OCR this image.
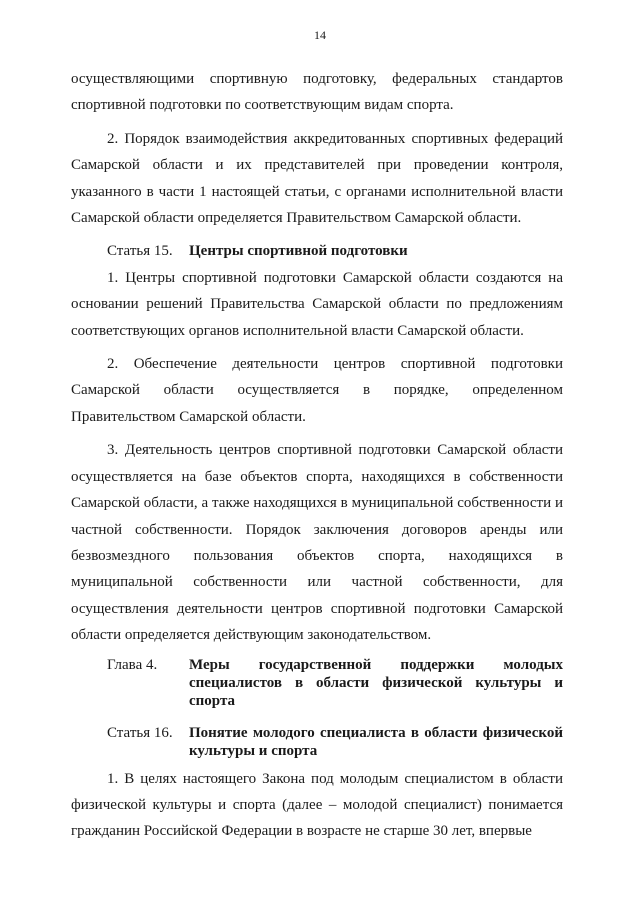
14

осуществляющими спортивную подготовку, федеральных стандартов спортивной подготовки по соответствующим видам спорта.

2. Порядок взаимодействия аккредитованных спортивных федераций Самарской области и их представителей при проведении контроля, указанного в части 1 настоящей статьи, с органами исполнительной власти Самарской области определяется Правительством Самарской области.

Статья 15.	Центры спортивной подготовки

1. Центры спортивной подготовки Самарской области создаются на основании решений Правительства Самарской области по предложениям соответствующих органов исполнительной власти Самарской области.

2. Обеспечение деятельности центров спортивной подготовки Самарской области осуществляется в порядке, определенном Правительством Самарской области.

3. Деятельность центров спортивной подготовки Самарской области осуществляется на базе объектов спорта, находящихся в собственности Самарской области, а также находящихся в муниципальной собственности и частной собственности. Порядок заключения договоров аренды или безвозмездного пользования объектов спорта, находящихся в муниципальной собственности или частной собственности, для осуществления деятельности центров спортивной подготовки Самарской области определяется действующим законодательством.

Глава 4.	Меры государственной поддержки молодых специалистов в области физической культуры и спорта
Статья 16.	Понятие молодого специалиста в области физической культуры и спорта

1. В целях настоящего Закона под молодым специалистом в области физической культуры и спорта (далее – молодой специалист) понимается гражданин Российской Федерации в возрасте не старше 30 лет, впервые
